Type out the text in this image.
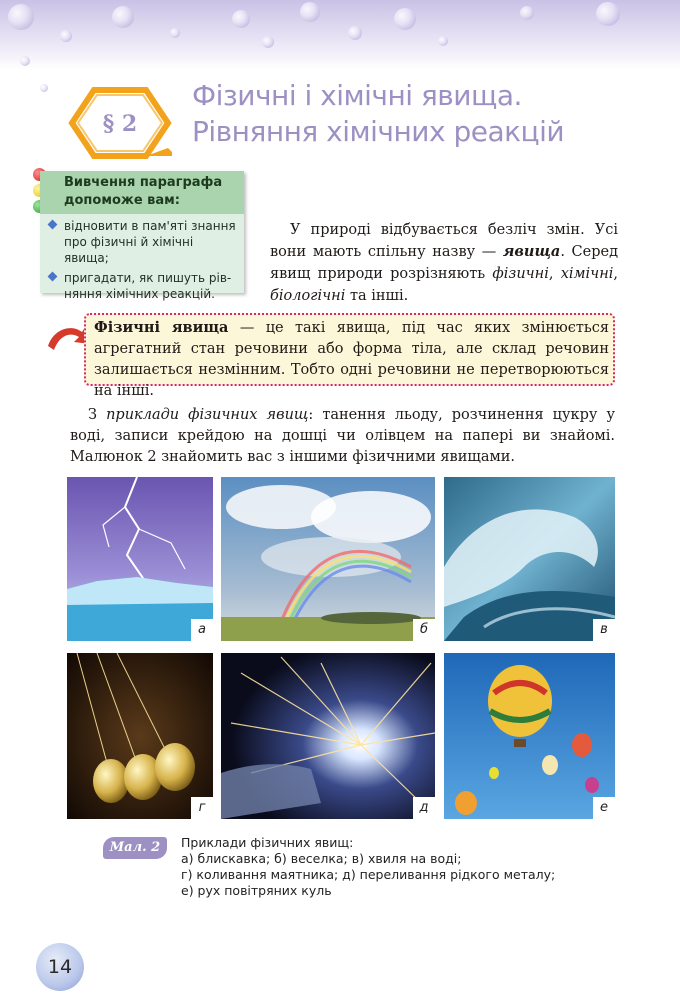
§ 2
Фізичні і хімічні явища.
Рівняння хімічних реакцій
Вивчення параграфа
допоможе вам:
відновити в пам'яті знання
про фізичні й хімічні явища;
пригадати, як пишуть рів-
няння хімічних реакцій.
У природі відбувається безліч змін. Усі вони мають спільну назву — явища. Серед явищ природи розрізняють фізичні, хімічні, біологічні та інші.
Фізичні явища — це такі явища, під час яких змінюється агрегатний стан речовини або форма тіла, але склад речовин залишається незмінним. Тобто одні речовини не перетворюються на інші.
З приклади фізичних явищ: танення льоду, розчинення цукру у воді, записи крейдою на дошці чи олівцем на папері ви знайомі. Малюнок 2 знайомить вас з іншими фізичними явищами.
а	б	в
г	д	е
Мал. 2	Приклади фізичних явищ:
а) блискавка; б) веселка; в) хвиля на воді;
г) коливання маятника; д) переливання рідкого металу;
е) рух повітряних куль
14
